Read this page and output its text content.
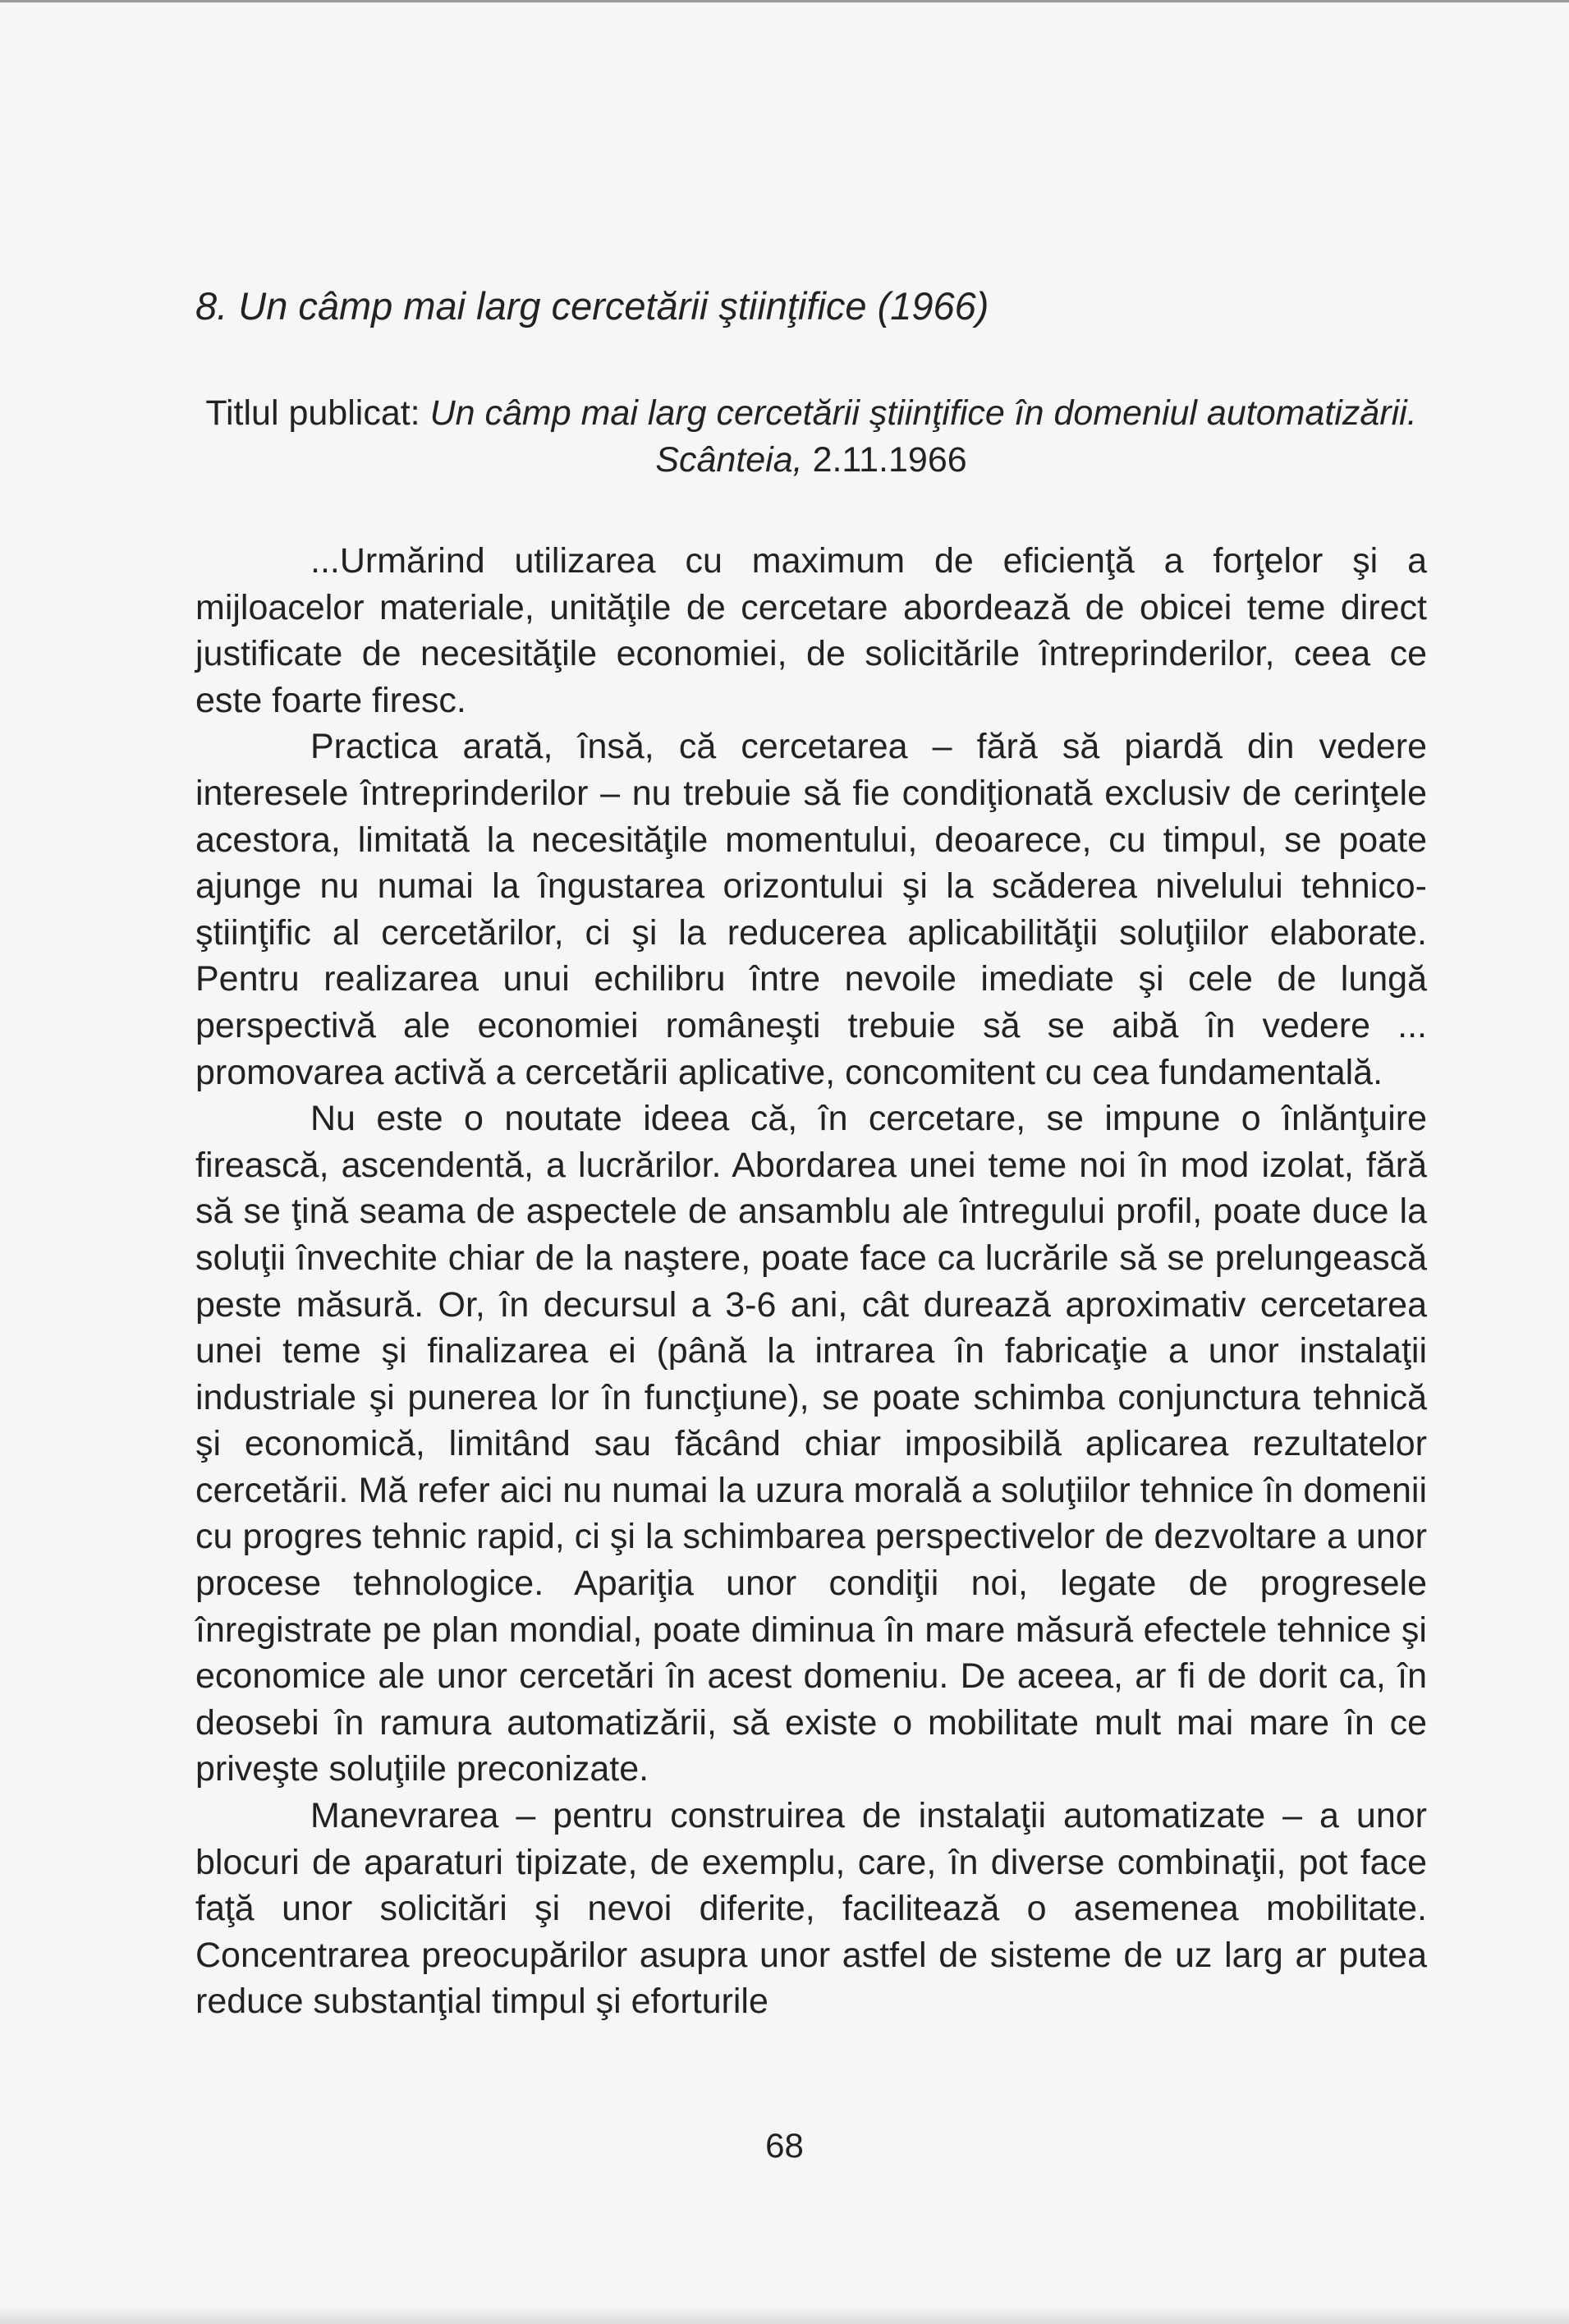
8. Un câmp mai larg cercetării ştiinţifice (1966)

Titlul publicat: Un câmp mai larg cercetării ştiinţifice în domeniul automatizării. Scânteia, 2.11.1966

...Urmărind utilizarea cu maximum de eficienţă a forţelor şi a mijloacelor materiale, unităţile de cercetare abordează de obicei teme direct justificate de necesităţile economiei, de solicitările întreprinderilor, ceea ce este foarte firesc.

Practica arată, însă, că cercetarea – fără să piardă din vedere interesele întreprinderilor – nu trebuie să fie condiţionată exclusiv de cerinţele acestora, limitată la necesităţile momentului, deoarece, cu timpul, se poate ajunge nu numai la îngustarea orizontului şi la scăderea nivelului tehnico-ştiinţific al cercetărilor, ci şi la reducerea aplicabilităţii soluţiilor elaborate. Pentru realizarea unui echilibru între nevoile imediate şi cele de lungă perspectivă ale economiei româneşti trebuie să se aibă în vedere ... promovarea activă a cercetării aplicative, concomitent cu cea fundamentală.

Nu este o noutate ideea că, în cercetare, se impune o înlănţuire firească, ascendentă, a lucrărilor. Abordarea unei teme noi în mod izolat, fără să se ţină seama de aspectele de ansamblu ale întregului profil, poate duce la soluţii învechite chiar de la naştere, poate face ca lucrările să se prelungească peste măsură. Or, în decursul a 3-6 ani, cât durează aproximativ cercetarea unei teme şi finalizarea ei (până la intrarea în fabricaţie a unor instalaţii industriale şi punerea lor în funcţiune), se poate schimba conjunctura tehnică şi economică, limitând sau făcând chiar imposibilă aplicarea rezultatelor cercetării. Mă refer aici nu numai la uzura morală a soluţiilor tehnice în domenii cu progres tehnic rapid, ci şi la schimbarea perspectivelor de dezvoltare a unor procese tehnologice. Apariţia unor condiţii noi, legate de progresele înregistrate pe plan mondial, poate diminua în mare măsură efectele tehnice şi economice ale unor cercetări în acest domeniu. De aceea, ar fi de dorit ca, în deosebi în ramura automatizării, să existe o mobilitate mult mai mare în ce priveşte soluţiile preconizate.

Manevrarea – pentru construirea de instalaţii automatizate – a unor blocuri de aparaturi tipizate, de exemplu, care, în diverse combinaţii, pot face faţă unor solicitări şi nevoi diferite, facilitează o asemenea mobilitate. Concentrarea preocupărilor asupra unor astfel de sisteme de uz larg ar putea reduce substanţial timpul şi eforturile

68
